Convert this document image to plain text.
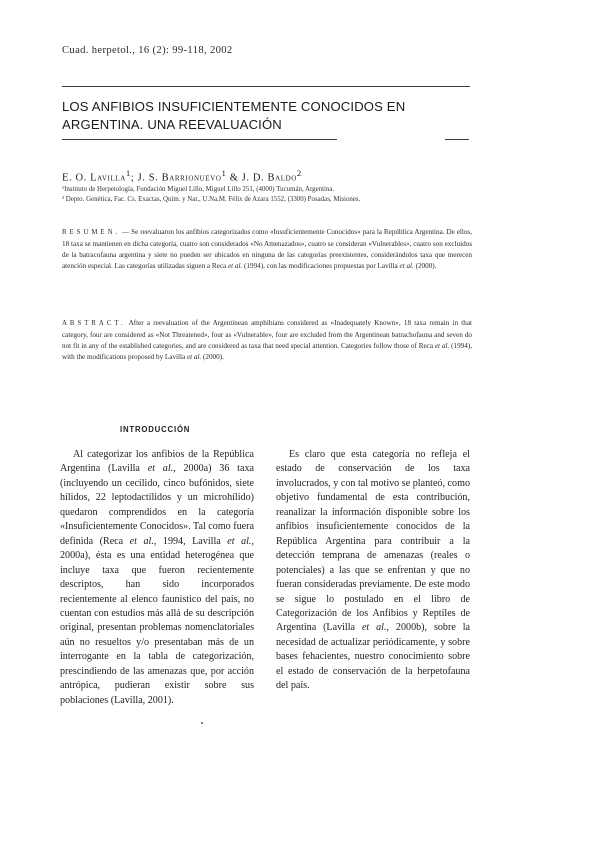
Cuad. herpetol., 16 (2): 99-118, 2002
LOS ANFIBIOS INSUFICIENTEMENTE CONOCIDOS EN ARGENTINA. UNA REEVALUACIÓN
E. O. Lavilla$^1$; J. S. Barrionuevo$^1$ & J. D. Baldo$^2$
¹Instituto de Herpetología, Fundación Miguel Lillo, Miguel Lillo 251, (4000) Tucumán, Argentina.
² Depto. Genética, Fac. Cs. Exactas, Quím. y Nat., U.Na.M. Félix de Azara 1552, (3300) Posadas, Misiones.

RESUMEN. — Se reevaluaron los anfibios categorizados como «Insuficientemente Conocidos» para la República Argentina. De ellos, 18 taxa se mantienen en dicha categoría, cuatro son considerados «No Amenazados», cuatro se consideran «Vulnerables», cuatro son excluidos de la batracofauna argentina y siete no pueden ser ubicados en ninguna de las categorías preexistentes, considerándolos taxa que merecen atención especial. Las categorías utilizadas siguen a Reca et al. (1994), con las modificaciones propuestas por Lavilla et al. (2000).

ABSTRACT. After a reevaluation of the Argentinean amphibians considered as «Inadequately Known», 18 taxa remain in that category, four are considered as «Not Threatened», four as «Vulnerable», four are excluded from the Argentinean batrachofauna and seven do not fit in any of the established categories, and are considered as taxa that need special attention. Categories follow those of Reca et al. (1994), with the modifications proposed by Lavilla et al. (2000).

INTRODUCCIÓN

Al categorizar los anfibios de la República Argentina (Lavilla et al., 2000a) 36 taxa (incluyendo un cecílido, cinco bufónidos, siete hílidos, 22 leptodactílidos y un microhílido) quedaron comprendidos en la categoría «Insuficientemente Conocidos». Tal como fuera definida (Reca et al., 1994, Lavilla et al., 2000a), ésta es una entidad heterogénea que incluye taxa que fueron recientemente descriptos, han sido incorporados recientemente al elenco faunístico del país, no cuentan con estudios más allá de su descripción original, presentan problemas nomenclatoriales aún no resueltos y/o presentaban más de un interrogante en la tabla de categorización, prescindiendo de las amenazas que, por acción antrópica, pudieran existir sobre sus poblaciones (Lavilla, 2001).

Es claro que esta categoría no refleja el estado de conservación de los taxa involucrados, y con tal motivo se planteó, como objetivo fundamental de esta contribución, reanalizar la información disponible sobre los anfibios insuficientemente conocidos de la República Argentina para contribuir a la detección temprana de amenazas (reales o potenciales) a las que se enfrentan y que no fueran consideradas previamente. De este modo se sigue lo postulado en el libro de Categorización de los Anfibios y Reptiles de Argentina (Lavilla et al., 2000b), sobre la necesidad de actualizar periódicamente, y sobre bases fehacientes, nuestro conocimiento sobre el estado de conservación de la herpetofauna del país.
